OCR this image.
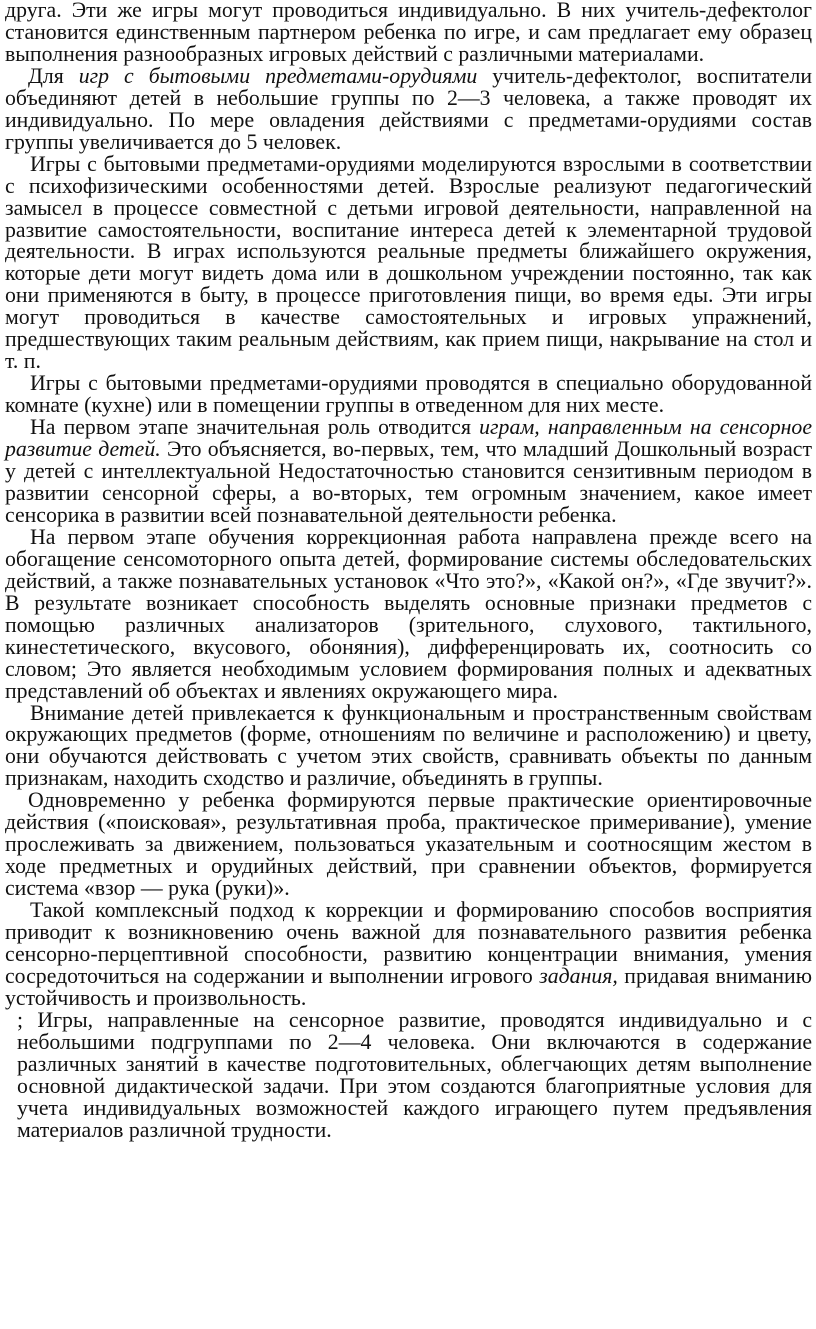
друга. Эти же игры могут проводиться индивидуально. В них учитель-дефектолог становится единственным партнером ребенка по игре, и сам предлагает ему образец выполнения разнообразных игровых действий с различными материалами.

Для игр с бытовыми предметами-орудиями учитель-дефектолог, воспитатели объединяют детей в небольшие группы по 2—3 человека, а также проводят их индивидуально. По мере овладения действиями с предметами-орудиями состав группы увеличивается до 5 человек.

Игры с бытовыми предметами-орудиями моделируются взрослыми в соответствии с психофизическими особенностями детей. Взрослые реализуют педагогический замысел в процессе совместной с детьми игровой деятельности, направленной на развитие самостоятельности, воспитание интереса детей к элементарной трудовой деятельности. В играх используются реальные предметы ближайшего окружения, которые дети могут видеть дома или в дошкольном учреждении постоянно, так как они применяются в быту, в процессе приготовления пищи, во время еды. Эти игры могут проводиться в качестве самостоятельных и игровых упражнений, предшествующих таким реальным действиям, как прием пищи, накрывание на стол и т. п.

Игры с бытовыми предметами-орудиями проводятся в специально оборудованной комнате (кухне) или в помещении группы в отведенном для них месте.

На первом этапе значительная роль отводится играм, направленным на сенсорное развитие детей. Это объясняется, во-первых, тем, что младший Дошкольный возраст у детей с интеллектуальной Недостаточностью становится сензитивным периодом в развитии сенсорной сферы, а во-вторых, тем огромным значением, какое имеет сенсорика в развитии всей познавательной деятельности ребенка.

На первом этапе обучения коррекционная работа направлена прежде всего на обогащение сенсомоторного опыта детей, формирование системы обследовательских действий, а также познавательных установок «Что это?», «Какой он?», «Где звучит?». В результате возникает способность выделять основные признаки предметов с помощью различных анализаторов (зрительного, слухового, тактильного, кинестетического, вкусового, обоняния), дифференцировать их, соотносить со словом; Это является необходимым условием формирования полных и адекватных представлений об объектах и явлениях окружающего мира.

Внимание детей привлекается к функциональным и пространственным свойствам окружающих предметов (форме, отношениям по величине и расположению) и цвету, они обучаются действовать с учетом этих свойств, сравнивать объекты по данным признакам, находить сходство и различие, объединять в группы.

Одновременно у ребенка формируются первые практические ориентировочные действия («поисковая», результативная проба, практическое примеривание), умение прослеживать за движением, пользоваться указательным и соотносящим жестом в ходе предметных и орудийных действий, при сравнении объектов, формируется система «взор — рука (руки)».

Такой комплексный подход к коррекции и формированию способов восприятия приводит к возникновению очень важной для познавательного развития ребенка сенсорно-перцептивной способности, развитию концентрации внимания, умения сосредоточиться на содержании и выполнении игрового задания, придавая вниманию устойчивость и произвольность.

; Игры, направленные на сенсорное развитие, проводятся индивидуально и с небольшими подгруппами по 2—4 человека. Они включаются в содержание различных занятий в качестве подготовительных, облегчающих детям выполнение основной дидактической задачи. При этом создаются благоприятные условия для учета индивидуальных возможностей каждого играющего путем предъявления материалов различной трудности.
